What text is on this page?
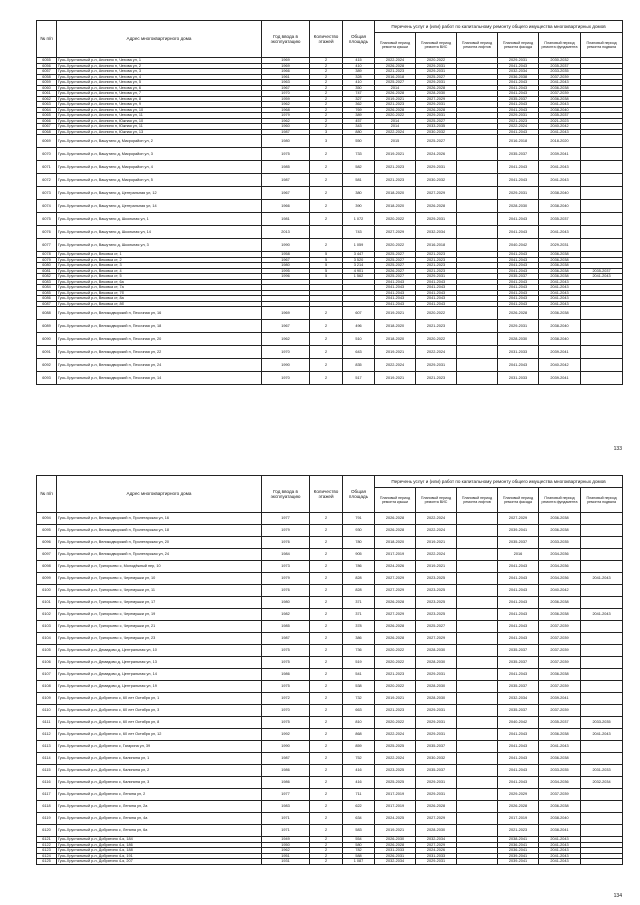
№ п/п	Адрес многоквартирного дома	Год ввода в эксплуатацию	Количество этажей	Общая площадь	Перечень услуг и (или) работ по капитальному ремонту общего имущества многоквартирных домов					
					Плановый период ремонта крыши	Плановый период ремонта ВИС	Плановый период ремонта лифтов	Плановый период ремонта фасада	Плановый период ремонта фундамента	Плановый период ремонта подвала
6055	Гусь-Хрустальный р-н, Анопино п, Чехова ул, 1	1969	2	415	2022-2024	2020-2022		2029-2031	2030-2032	
6056	Гусь-Хрустальный р-н, Анопино п, Чехова ул, 2	1969	2	410	2026-2028	2029-2031		2041-2043	2035-2037	
6057	Гусь-Хрустальный р-н, Анопино п, Чехова ул, 3	1966	2	389	2021-2023	2029-2031		2032-2034	2033-2035	
6058	Гусь-Хрустальный р-н, Анопино п, Чехова ул, 4	1961	2	328	2016-2018	2025-2027		2036-2038	2037-2039	
6059	Гусь-Хрустальный р-н, Анопино п, Чехова ул, 5	1963	2	410	2025-2027	2029-2031		2041-2043	2041-2043	
6060	Гусь-Хрустальный р-н, Анопино п, Чехова ул, 6	1967	2	350	2014	2026-2028		2041-2043	2036-2038	
6061	Гусь-Хрустальный р-н, Анопино п, Чехова ул, 7	1970	2	747	2026-2028	2028-2030		2041-2043	2037-2039	
6062	Гусь-Хрустальный р-н, Анопино п, Чехова ул, 8	1959	2	327	2019-2021	2027-2029		2035-2037	2036-2038	
6063	Гусь-Хрустальный р-н, Анопино п, Чехова ул, 9	1962	2	362	2021-2023	2029-2031		2041-2043	2041-2043	
6064	Гусь-Хрустальный р-н, Анопино п, Чехова ул, 10	1968	2	769	2026-2028	2026-2028		2041-2043	2038-2040	
6065	Гусь-Хрустальный р-н, Анопино п, Чехова ул, 11	1979	2	389	2020-2022	2029-2031		2029-2031	2035-2037	
6066	Гусь-Хрустальный р-н, Анопино п, Южная ул, 10	1962	2	457	2014	2025-2027		2021-2023	2021-2023	
6067	Гусь-Хрустальный р-н, Анопино п, Южная ул, 11	1960	2	343	2014	2033-2035		2022-2024	2040-2042	
6068	Гусь-Хрустальный р-н, Анопино п, Южная ул, 13	1987	3	880	2022-2024	2030-2032		2041-2043	2041-2043	
6069	Гусь-Хрустальный р-н, Вашутино д, Микрорайон ул, 2	1980	3	550	2015	2025-2027		2016-2018	2018-2020	
6070	Гусь-Хрустальный р-н, Вашутино д, Микрорайон ул, 3	1975	2	733	2019-2021	2024-2026		2035-2037	2039-2041	
6071	Гусь-Хрустальный р-н, Вашутино д, Микрорайон ул, 4	1985	2	582	2021-2023	2029-2031		2041-2043	2041-2043	
6072	Гусь-Хрустальный р-н, Вашутино д, Микрорайон ул, 5	1987	2	581	2021-2023	2030-2032		2041-2043	2041-2043	
6073	Гусь-Хрустальный р-н, Вашутино д, Центральная ул, 12	1967	2	380	2018-2020	2027-2029		2029-2031	2038-2040	
6074	Гусь-Хрустальный р-н, Вашутино д, Центральная ул, 14	1966	2	390	2018-2020	2026-2028		2028-2030	2038-2040	
6075	Гусь-Хрустальный р-н, Вашутино д, Школьная ул, 1	1981	2	1 072	2020-2022	2029-2031		2041-2043	2035-2037	
6076	Гусь-Хрустальный р-н, Вашутино д, Школьная ул, 14	2013		743	2027-2029	2032-2034		2041-2043	2041-2043	
6077	Гусь-Хрустальный р-н, Вашутино д, Школьная ул, 3	1990	2	1 059	2020-2022	2016-2018		2040-2042	2029-2031	
6078	Гусь-Хрустальный р-н, Вековка ст, 1	1958	5	3 447	2025-2027	2021-2023		2041-2043	2036-2038	
6079	Гусь-Хрустальный р-н, Вековка ст, 2	1967	5	3 520	2025-2027	2021-2023		2041-2043	2036-2038	
6080	Гусь-Хрустальный р-н, Вековка ст, 3	1980	5	3 214	2025-2027	2021-2023		2041-2043	2036-2038	
6081	Гусь-Хрустальный р-н, Вековка ст, 4	1995	5	4 901	2026-2027	2021-2023		2041-2043	2036-2038	2035-2037
6082	Гусь-Хрустальный р-н, Вековка ст, 5	1996	5	1 562	2025-2027	2029-2031		2035-2037	2036-2038	2041-2043
6083	Гусь-Хрустальный р-н, Вековка ст, 6а				2041-2043	2041-2043		2041-2043	2041-2043	
6084	Гусь-Хрустальный р-н, Вековка ст, 7а				2041-2043	2041-2043		2041-2043	2041-2043	
6085	Гусь-Хрустальный р-н, Вековка ст, 7б				2041-2043	2041-2043		2041-2043	2041-2043	
6086	Гусь-Хрустальный р-н, Вековка ст, 8а				2041-2043	2041-2043		2041-2043	2041-2043	
6087	Гусь-Хрустальный р-н, Вековка ст, 8б				2041-2043	2041-2043		2041-2043	2041-2043	
6088	Гусь-Хрустальный р-н, Великодворский п, Песочная ул, 16	1969	2	607	2019-2021	2020-2022		2026-2028	2036-2038	
6089	Гусь-Хрустальный р-н, Великодворский п, Песочная ул, 18	1967	2	496	2018-2020	2021-2023		2029-2031	2038-2040	
6090	Гусь-Хрустальный р-н, Великодворский п, Песочная ул, 20	1962	2	510	2018-2020	2020-2022		2028-2030	2038-2040	
6091	Гусь-Хрустальный р-н, Великодворский п, Песочная ул, 22	1970	2	643	2019-2021	2022-2024		2031-2033	2039-2041	
6092	Гусь-Хрустальный р-н, Великодворский п, Песочная ул, 24	1990	2	835	2022-2024	2029-2031		2041-2043	2040-2042	
6093	Гусь-Хрустальный р-н, Великодворский п, Песочная ул, 14	1970	2	517	2019-2021	2021-2023		2031-2033	2039-2041	
133
№ п/п	Адрес многоквартирного дома	Год ввода в эксплуатацию	Количество этажей	Общая площадь	Перечень услуг и (или) работ по капитальному ремонту общего имущества многоквартирных домов					
					Плановый период ремонта крыши	Плановый период ремонта ВИС	Плановый период ремонта лифтов	Плановый период ремонта фасада	Плановый период ремонта фундамента	Плановый период ремонта подвала
6094	Гусь-Хрустальный р-н, Великодворский п, Пролетарская ул, 16	1977	2	791	2026-2028	2022-2024		2027-2029	2036-2038	
6095	Гусь-Хрустальный р-н, Великодворский п, Пролетарская ул, 18	1979	2	930	2026-2028	2022-2024		2039-2041	2036-2038	
6096	Гусь-Хрустальный р-н, Великодворский п, Пролетарская ул, 20	1976	2	780	2018-2020	2019-2021		2035-2037	2033-2035	
6097	Гусь-Хрустальный р-н, Великодворский п, Пролетарская ул, 24	1984	2	905	2017-2019	2022-2024		2016	2034-2036	
6098	Гусь-Хрустальный р-н, Григорьево с, Молодёжный пер, 10	1973	2	786	2024-2026	2019-2021		2041-2043	2034-2036	
6099	Гусь-Хрустальный р-н, Григорьево с, Черемушки ул, 10	1979	2	828	2027-2029	2023-2025		2041-2043	2034-2036	2041-2043
6100	Гусь-Хрустальный р-н, Григорьево с, Черемушки ул, 11	1976	2	828	2027-2029	2023-2025		2041-2043	2040-2042	
6101	Гусь-Хрустальный р-н, Григорьево с, Черемушки ул, 17	1980	2	371	2026-2028	2023-2025		2041-2043	2036-2038	
6102	Гусь-Хрустальный р-н, Григорьево с, Черемушки ул, 19	1982	2	371	2027-2029	2023-2025		2041-2043	2036-2038	2041-2043
6103	Гусь-Хрустальный р-н, Григорьево с, Черемушки ул, 21	1985	2	378	2026-2028	2025-2027		2041-2043	2037-2039	
6104	Гусь-Хрустальный р-н, Григорьево с, Черемушки ул, 23	1987	2	386	2026-2028	2027-2029		2041-2043	2037-2039	
6105	Гусь-Хрустальный р-н, Демидово д, Центральная ул, 10	1975	2	736	2020-2022	2028-2030		2035-2037	2037-2039	
6106	Гусь-Хрустальный р-н, Демидово д, Центральная ул, 13	1975	2	519	2020-2022	2028-2030		2035-2037	2037-2039	
6107	Гусь-Хрустальный р-н, Демидово д, Центральная ул, 14	1986	2	541	2021-2023	2029-2031		2041-2043	2036-2038	
6108	Гусь-Хрустальный р-н, Демидово д, Центральная ул, 19	1975	2	538	2020-2022	2028-2030		2035-2037	2037-2039	
6109	Гусь-Хрустальный р-н, Добрятино с, 60 лет Октября ул, 1	1972	2	732	2019-2021	2028-2030		2032-2034	2039-2041	
6110	Гусь-Хрустальный р-н, Добрятино с, 60 лет Октября ул, 3	1970	2	663	2021-2023	2029-2031		2035-2037	2037-2039	
6111	Гусь-Хрустальный р-н, Добрятино с, 60 лет Октября ул, 8	1975	2	810	2020-2022	2029-2031		2040-2042	2035-2037	2033-2035
6112	Гусь-Хрустальный р-н, Добрятино с, 60 лет Октября ул, 12	1992	2	868	2022-2024	2029-2031		2041-2043	2036-2038	2041-2043
6113	Гусь-Хрустальный р-н, Добрятино с, Гагарина ул, 39	1990	2	859	2025-2025	2035-2037		2041-2043	2041-2043	
6114	Гусь-Хрустальный р-н, Добрятино с, Калинина ул, 1	1987	2	752	2022-2024	2030-2032		2041-2043	2036-2038	
6115	Гусь-Хрустальный р-н, Добрятино с, Калинина ул, 2	1986	2	416	2023-2025	2035-2037		2041-2043	2033-2035	2031-2033
6116	Гусь-Хрустальный р-н, Добрятино с, Калинина ул, 3	1986	2	416	2025-2025	2029-2031		2041-2043	2034-2036	2032-2034
6117	Гусь-Хрустальный р-н, Добрятино с, Ленина ул, 2	1977	2	711	2017-2019	2029-2031		2029-2029	2037-2039	
6118	Гусь-Хрустальный р-н, Добрятино с, Ленина ул, 2а	1983	2	622	2017-2019	2026-2028		2026-2028	2036-2038	
6119	Гусь-Хрустальный р-н, Добрятино с, Ленина ул, 4а	1971	2	634	2024-2025	2027-2029		2017-2019	2038-2040	
6120	Гусь-Хрустальный р-н, Добрятино с, Ленина ул, 6а	1971	2	583	2019-2021	2028-2030		2021-2023	2038-2041	
6121	Гусь-Хрустальный р-н, Добрятино 4-я, 184	1949	2	554	2026-2030	2032-2034		2038-2041	2041-2043	
6122	Гусь-Хрустальный р-н, Добрятино 4-я, 186	1950	2	580	2026-2028	2027-2029		2036-2041	2041-2043	
6123	Гусь-Хрустальный р-н, Добрятино 4-я, 188	1962	2	782	2031-2033	2024-2026		2036-2041	2041-2043	
6124	Гусь-Хрустальный р-н, Добрятино 4-я, 191	1951	2	588	2026-2031	2031-2033		2039-2041	2041-2043	
6125	Гусь-Хрустальный р-н, Добрятино 4-я, 207	1931	2	1 087	2032-2034	2029-2031		2039-2041	2041-2043	
134
